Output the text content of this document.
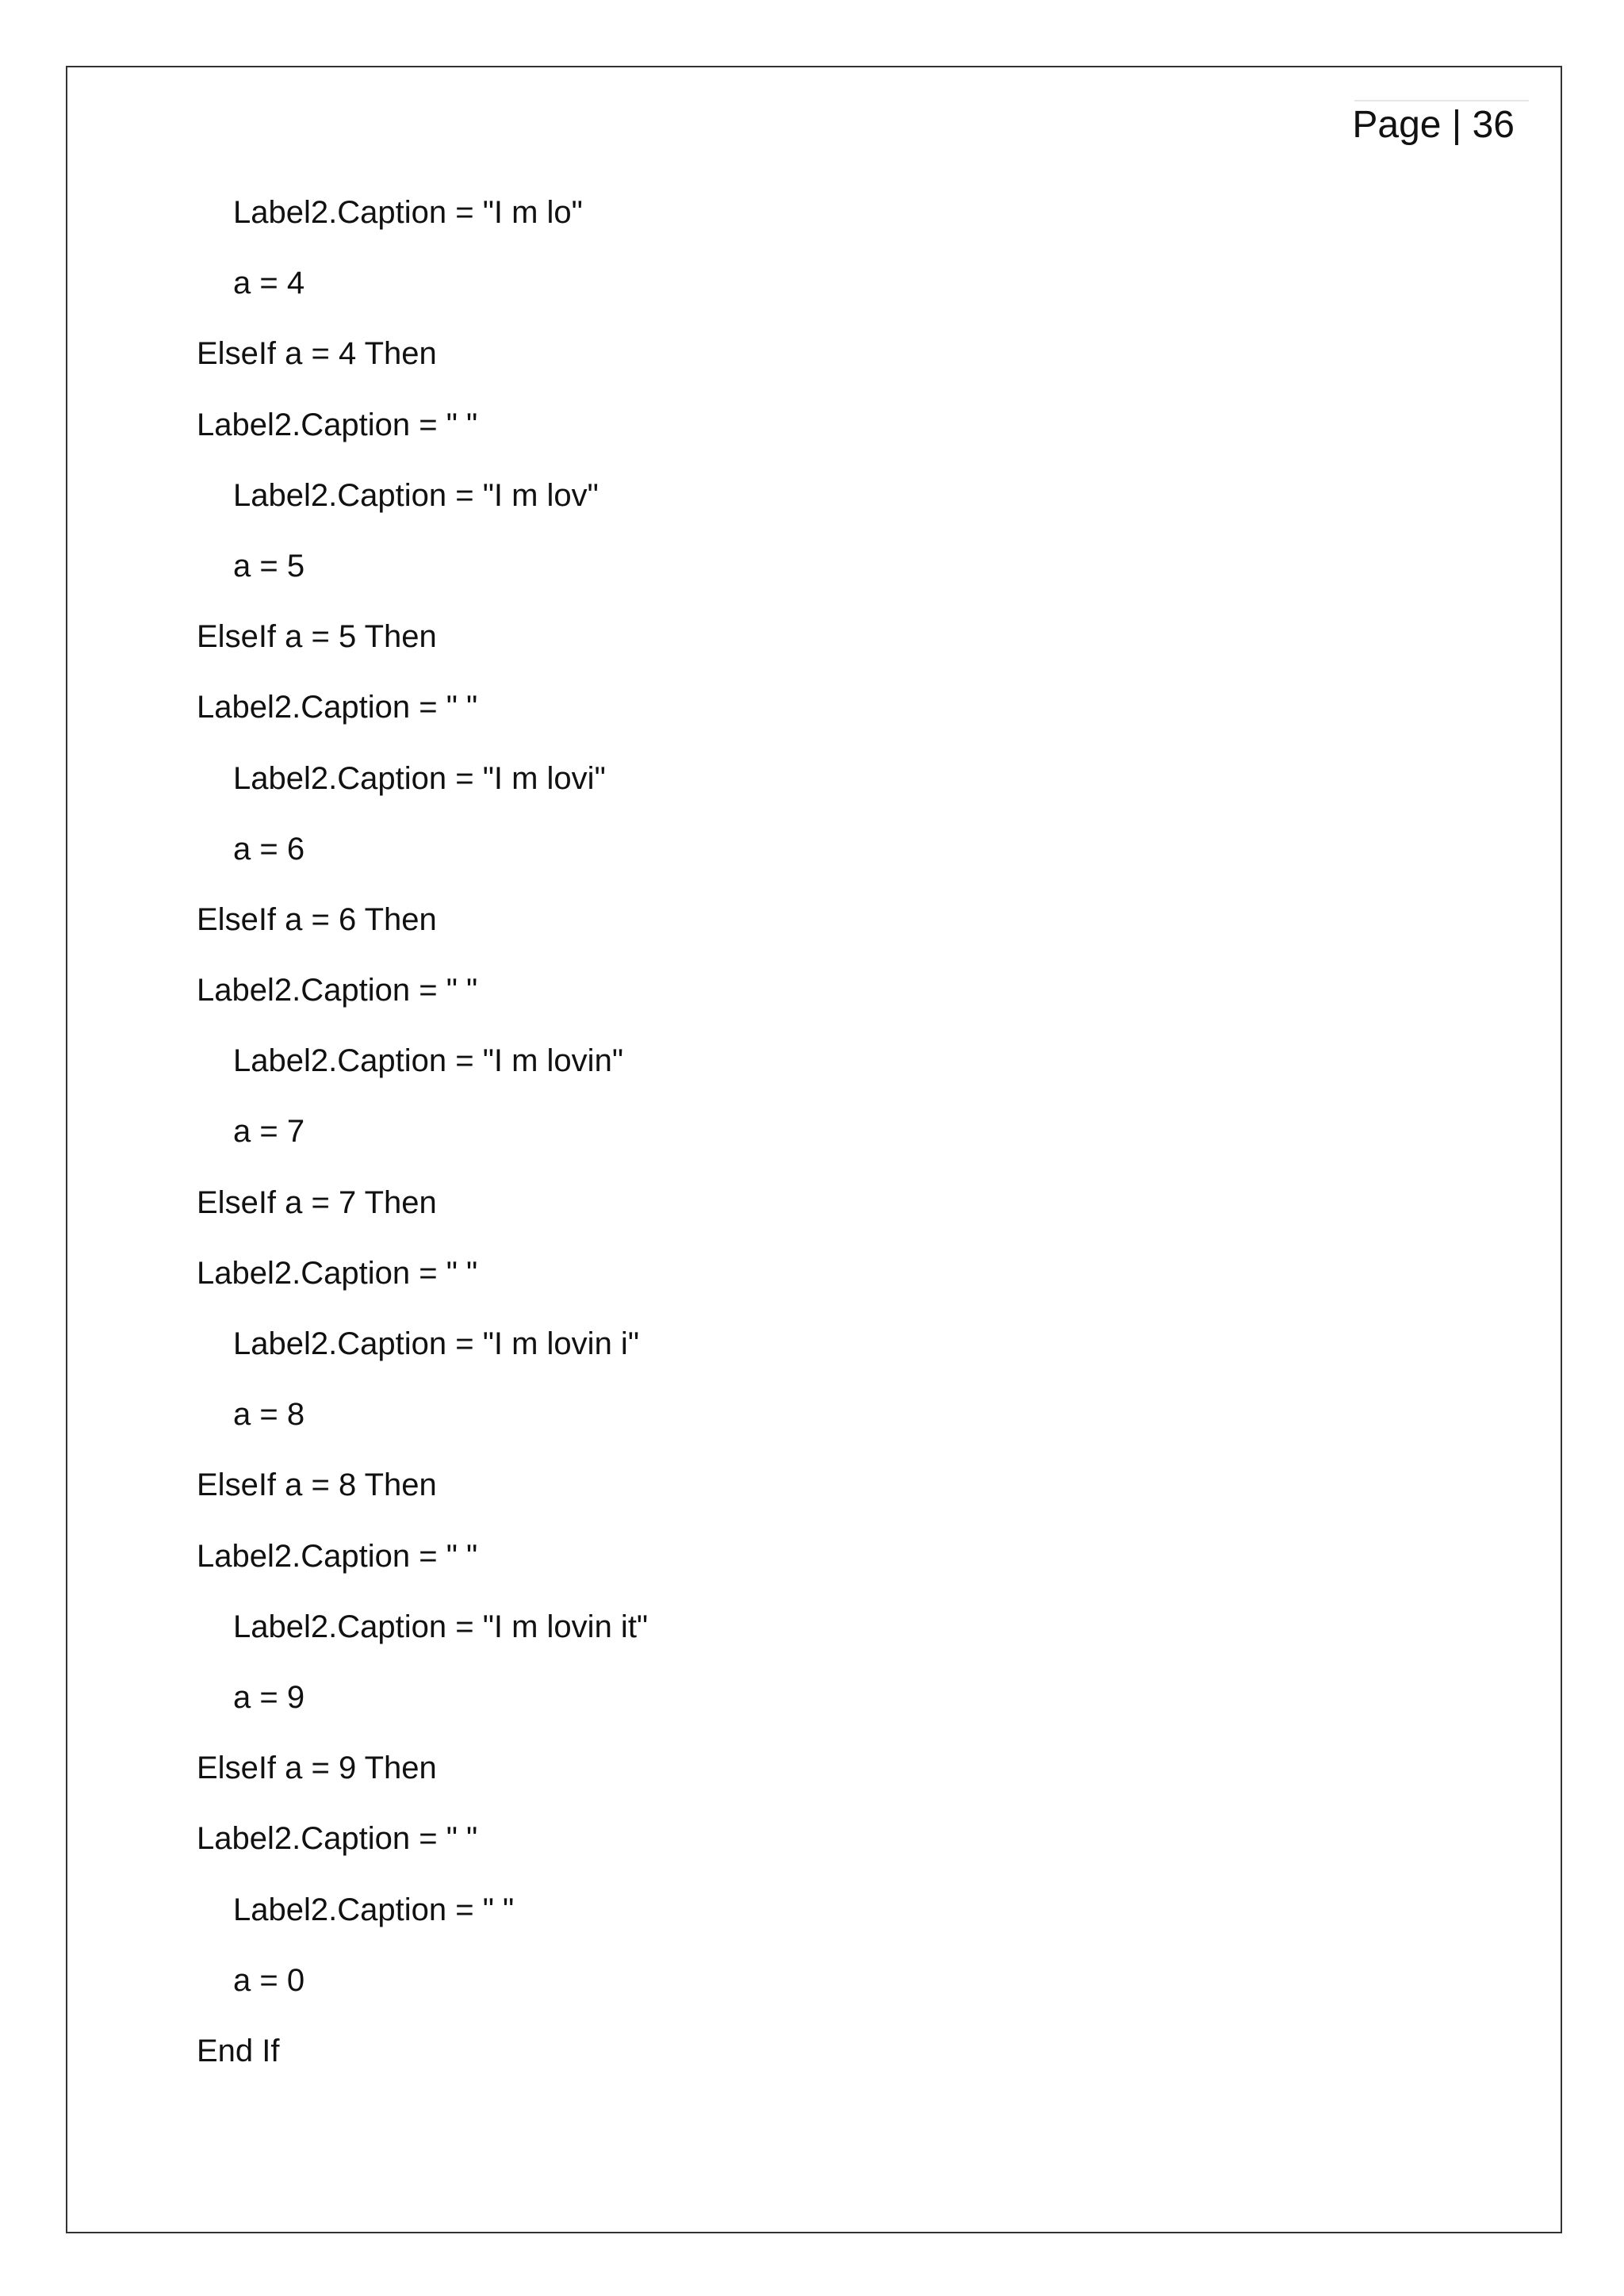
Page | 36
Label2.Caption = "I m lo"
a = 4
ElseIf a = 4 Then
Label2.Caption = " "
Label2.Caption = "I m lov"
a = 5
ElseIf a = 5 Then
Label2.Caption = " "
Label2.Caption = "I m lovi"
a = 6
ElseIf a = 6 Then
Label2.Caption = " "
Label2.Caption = "I m lovin"
a = 7
ElseIf a = 7 Then
Label2.Caption = " "
Label2.Caption = "I m lovin i"
a = 8
ElseIf a = 8 Then
Label2.Caption = " "
Label2.Caption = "I m lovin it"
a = 9
ElseIf a = 9 Then
Label2.Caption = " "
Label2.Caption = " "
a = 0
End If
